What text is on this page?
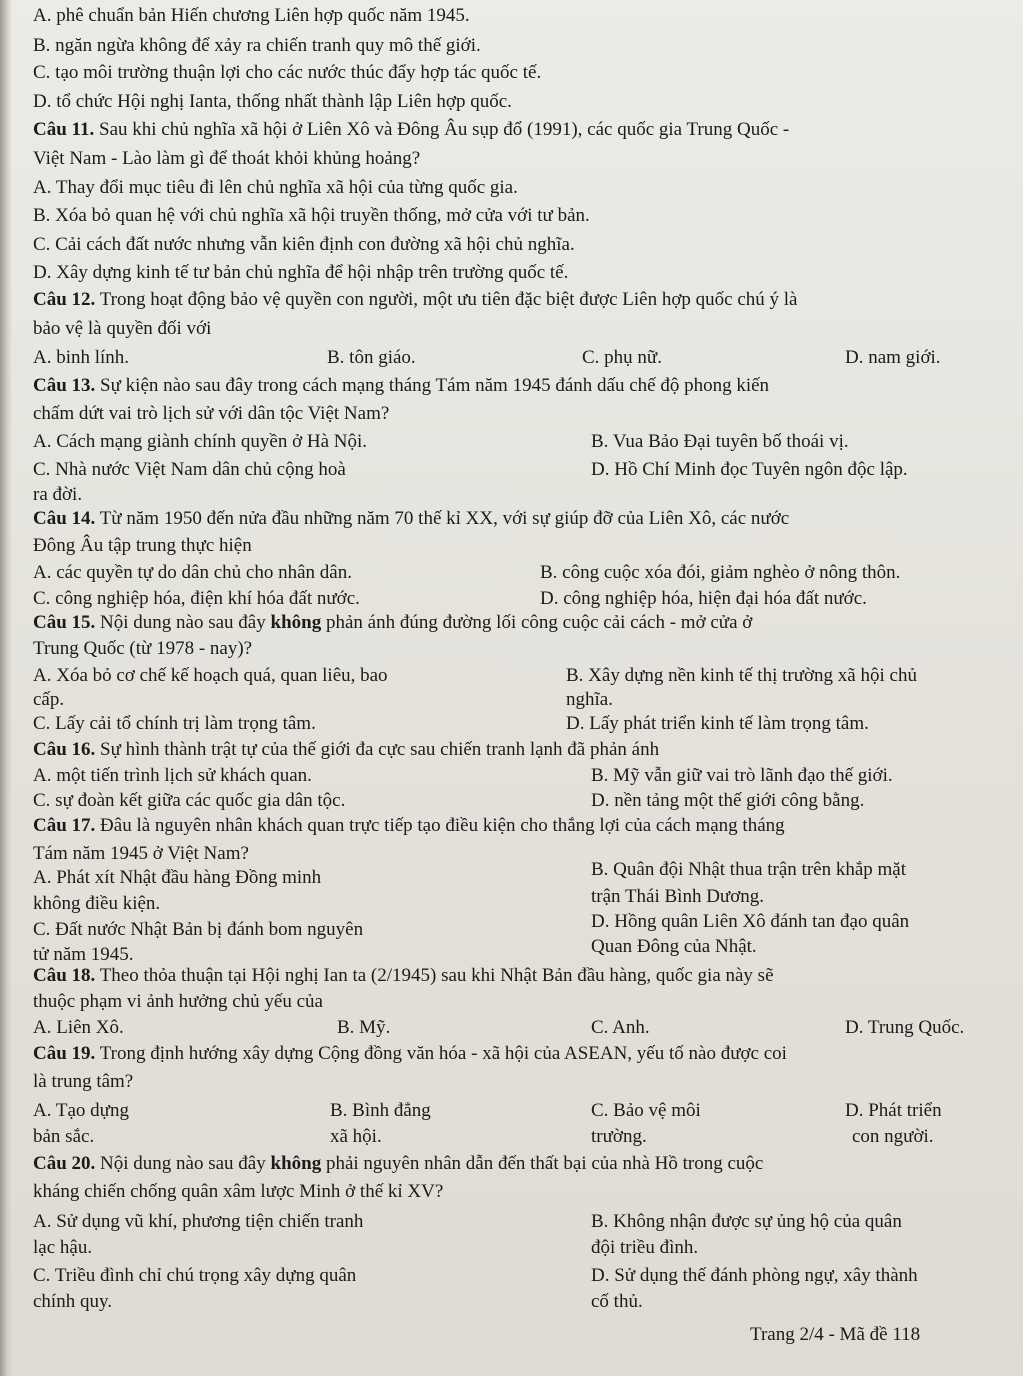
A. phê chuẩn bản Hiến chương Liên hợp quốc năm 1945.
B. ngăn ngừa không để xảy ra chiến tranh quy mô thế giới.
C. tạo môi trường thuận lợi cho các nước thúc đẩy hợp tác quốc tế.
D. tổ chức Hội nghị Ianta, thống nhất thành lập Liên hợp quốc.
Câu 11. Sau khi chủ nghĩa xã hội ở Liên Xô và Đông Âu sụp đổ (1991), các quốc gia Trung Quốc -
Việt Nam - Lào làm gì để thoát khỏi khủng hoảng?
A. Thay đổi mục tiêu đi lên chủ nghĩa xã hội của từng quốc gia.
B. Xóa bỏ quan hệ với chủ nghĩa xã hội truyền thống, mở cửa với tư bản.
C. Cải cách đất nước nhưng vẫn kiên định con đường xã hội chủ nghĩa.
D. Xây dựng kinh tế tư bản chủ nghĩa để hội nhập trên trường quốc tế.
Câu 12. Trong hoạt động bảo vệ quyền con người, một ưu tiên đặc biệt được Liên hợp quốc chú ý là
bảo vệ là quyền đối với
A. binh lính.	B. tôn giáo.	C. phụ nữ.	D. nam giới.
Câu 13. Sự kiện nào sau đây trong cách mạng tháng Tám năm 1945 đánh dấu chế độ phong kiến
chấm dứt vai trò lịch sử với dân tộc Việt Nam?
A. Cách mạng giành chính quyền ở Hà Nội.	B. Vua Bảo Đại tuyên bố thoái vị.
C. Nhà nước Việt Nam dân chủ cộng hoà	D. Hồ Chí Minh đọc Tuyên ngôn độc lập.
ra đời.
Câu 14. Từ năm 1950 đến nửa đầu những năm 70 thế kỉ XX, với sự giúp đỡ của Liên Xô, các nước
Đông Âu tập trung thực hiện
A. các quyền tự do dân chủ cho nhân dân.	B. công cuộc xóa đói, giảm nghèo ở nông thôn.
C. công nghiệp hóa, điện khí hóa đất nước.	D. công nghiệp hóa, hiện đại hóa đất nước.
Câu 15. Nội dung nào sau đây không phản ánh đúng đường lối công cuộc cải cách - mở cửa ở
Trung Quốc (từ 1978 - nay)?
A. Xóa bỏ cơ chế kế hoạch quá, quan liêu, bao	B. Xây dựng nền kinh tế thị trường xã hội chủ
cấp.	nghĩa.
C. Lấy cải tổ chính trị làm trọng tâm.	D. Lấy phát triển kinh tế làm trọng tâm.
Câu 16. Sự hình thành trật tự của thế giới đa cực sau chiến tranh lạnh đã phản ánh
A. một tiến trình lịch sử khách quan.	B. Mỹ vẫn giữ vai trò lãnh đạo thế giới.
C. sự đoàn kết giữa các quốc gia dân tộc.	D. nền tảng một thế giới công bằng.
Câu 17. Đâu là nguyên nhân khách quan trực tiếp tạo điều kiện cho thắng lợi của cách mạng tháng
Tám năm 1945 ở Việt Nam?
A. Phát xít Nhật đầu hàng Đồng minh	B. Quân đội Nhật thua trận trên khắp mặt
không điều kiện.	trận Thái Bình Dương.
C. Đất nước Nhật Bản bị đánh bom nguyên	D. Hồng quân Liên Xô đánh tan đạo quân
tử năm 1945.	Quan Đông của Nhật.
Câu 18. Theo thỏa thuận tại Hội nghị Ian ta (2/1945) sau khi Nhật Bản đầu hàng, quốc gia này sẽ
thuộc phạm vi ảnh hưởng chủ yếu của
A. Liên Xô.	B. Mỹ.	C. Anh.	D. Trung Quốc.
Câu 19. Trong định hướng xây dựng Cộng đồng văn hóa - xã hội của ASEAN, yếu tố nào được coi
là trung tâm?
A. Tạo dựng	B. Bình đẳng	C. Bảo vệ môi	D. Phát triển
bản sắc.	xã hội.	trường.	con người.
Câu 20. Nội dung nào sau đây không phải nguyên nhân dẫn đến thất bại của nhà Hồ trong cuộc
kháng chiến chống quân xâm lược Minh ở thế kỉ XV?
A. Sử dụng vũ khí, phương tiện chiến tranh	B. Không nhận được sự ủng hộ của quân
lạc hậu.	đội triều đình.
C. Triều đình chỉ chú trọng xây dựng quân	D. Sử dụng thế đánh phòng ngự, xây thành
chính quy.	cố thủ.
Trang 2/4 - Mã đề 118
